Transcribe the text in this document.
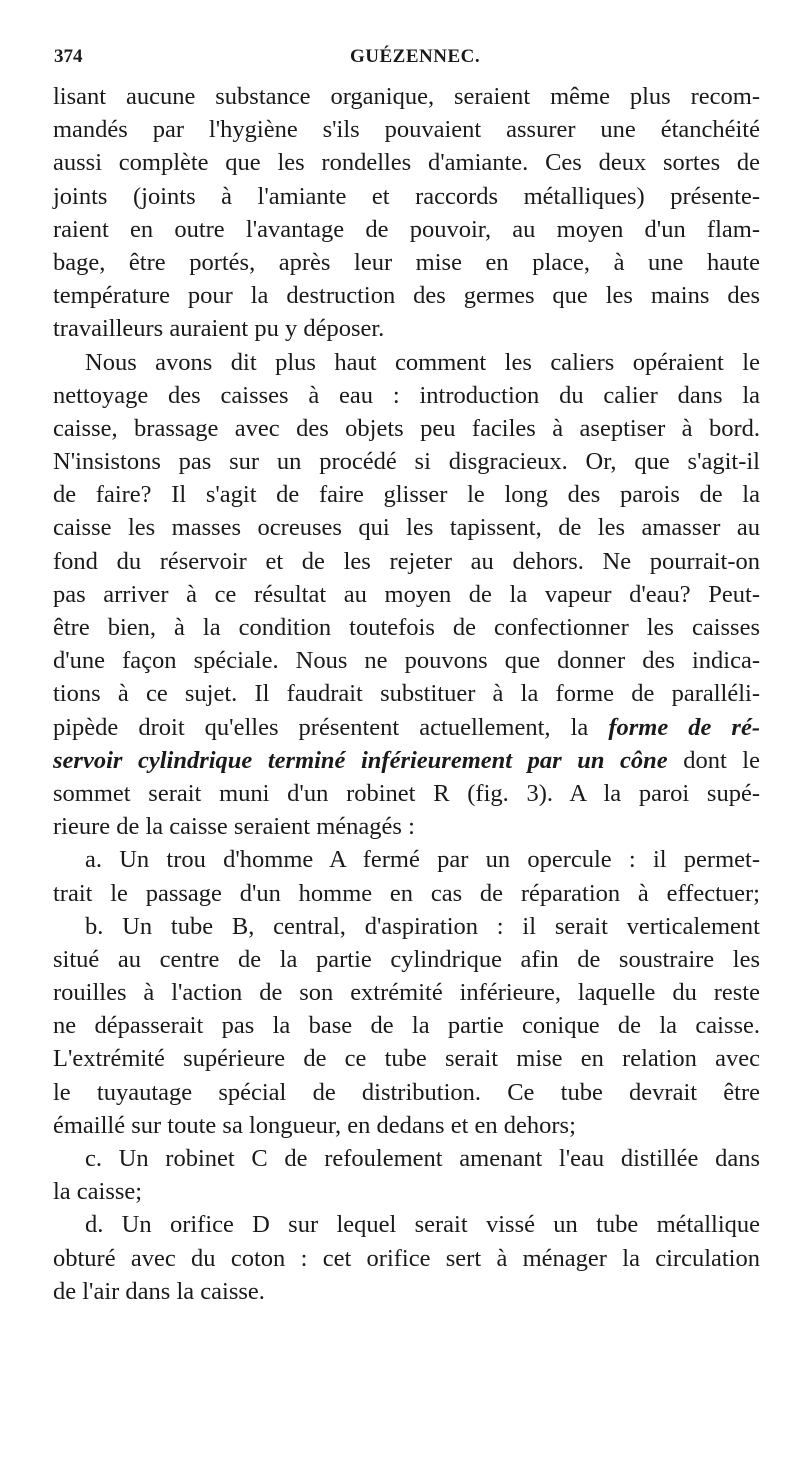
374	GUÉZENNEC.
lisant aucune substance organique, seraient même plus recom-
mandés par l'hygiène s'ils pouvaient assurer une étanchéité
aussi complète que les rondelles d'amiante. Ces deux sortes de
joints (joints à l'amiante et raccords métalliques) présente-
raient en outre l'avantage de pouvoir, au moyen d'un flam-
bage, être portés, après leur mise en place, à une haute
température pour la destruction des germes que les mains des
travailleurs auraient pu y déposer.
Nous avons dit plus haut comment les caliers opéraient le
nettoyage des caisses à eau : introduction du calier dans la
caisse, brassage avec des objets peu faciles à aseptiser à bord.
N'insistons pas sur un procédé si disgracieux. Or, que s'agit-il
de faire? Il s'agit de faire glisser le long des parois de la
caisse les masses ocreuses qui les tapissent, de les amasser au
fond du réservoir et de les rejeter au dehors. Ne pourrait-on
pas arriver à ce résultat au moyen de la vapeur d'eau? Peut-
être bien, à la condition toutefois de confectionner les caisses
d'une façon spéciale. Nous ne pouvons que donner des indica-
tions à ce sujet. Il faudrait substituer à la forme de paralléli-
pipède droit qu'elles présentent actuellement, la forme de ré-
servoir cylindrique terminé inférieurement par un cône dont le
sommet serait muni d'un robinet R (fig. 3). A la paroi supé-
rieure de la caisse seraient ménagés :
a. Un trou d'homme A fermé par un opercule : il permet-
trait le passage d'un homme en cas de réparation à effectuer;
b. Un tube B, central, d'aspiration : il serait verticalement
situé au centre de la partie cylindrique afin de soustraire les
rouilles à l'action de son extrémité inférieure, laquelle du reste
ne dépasserait pas la base de la partie conique de la caisse.
L'extrémité supérieure de ce tube serait mise en relation avec
le tuyautage spécial de distribution. Ce tube devrait être
émaillé sur toute sa longueur, en dedans et en dehors;
c. Un robinet C de refoulement amenant l'eau distillée dans
la caisse;
d. Un orifice D sur lequel serait vissé un tube métallique
obturé avec du coton : cet orifice sert à ménager la circulation
de l'air dans la caisse.
